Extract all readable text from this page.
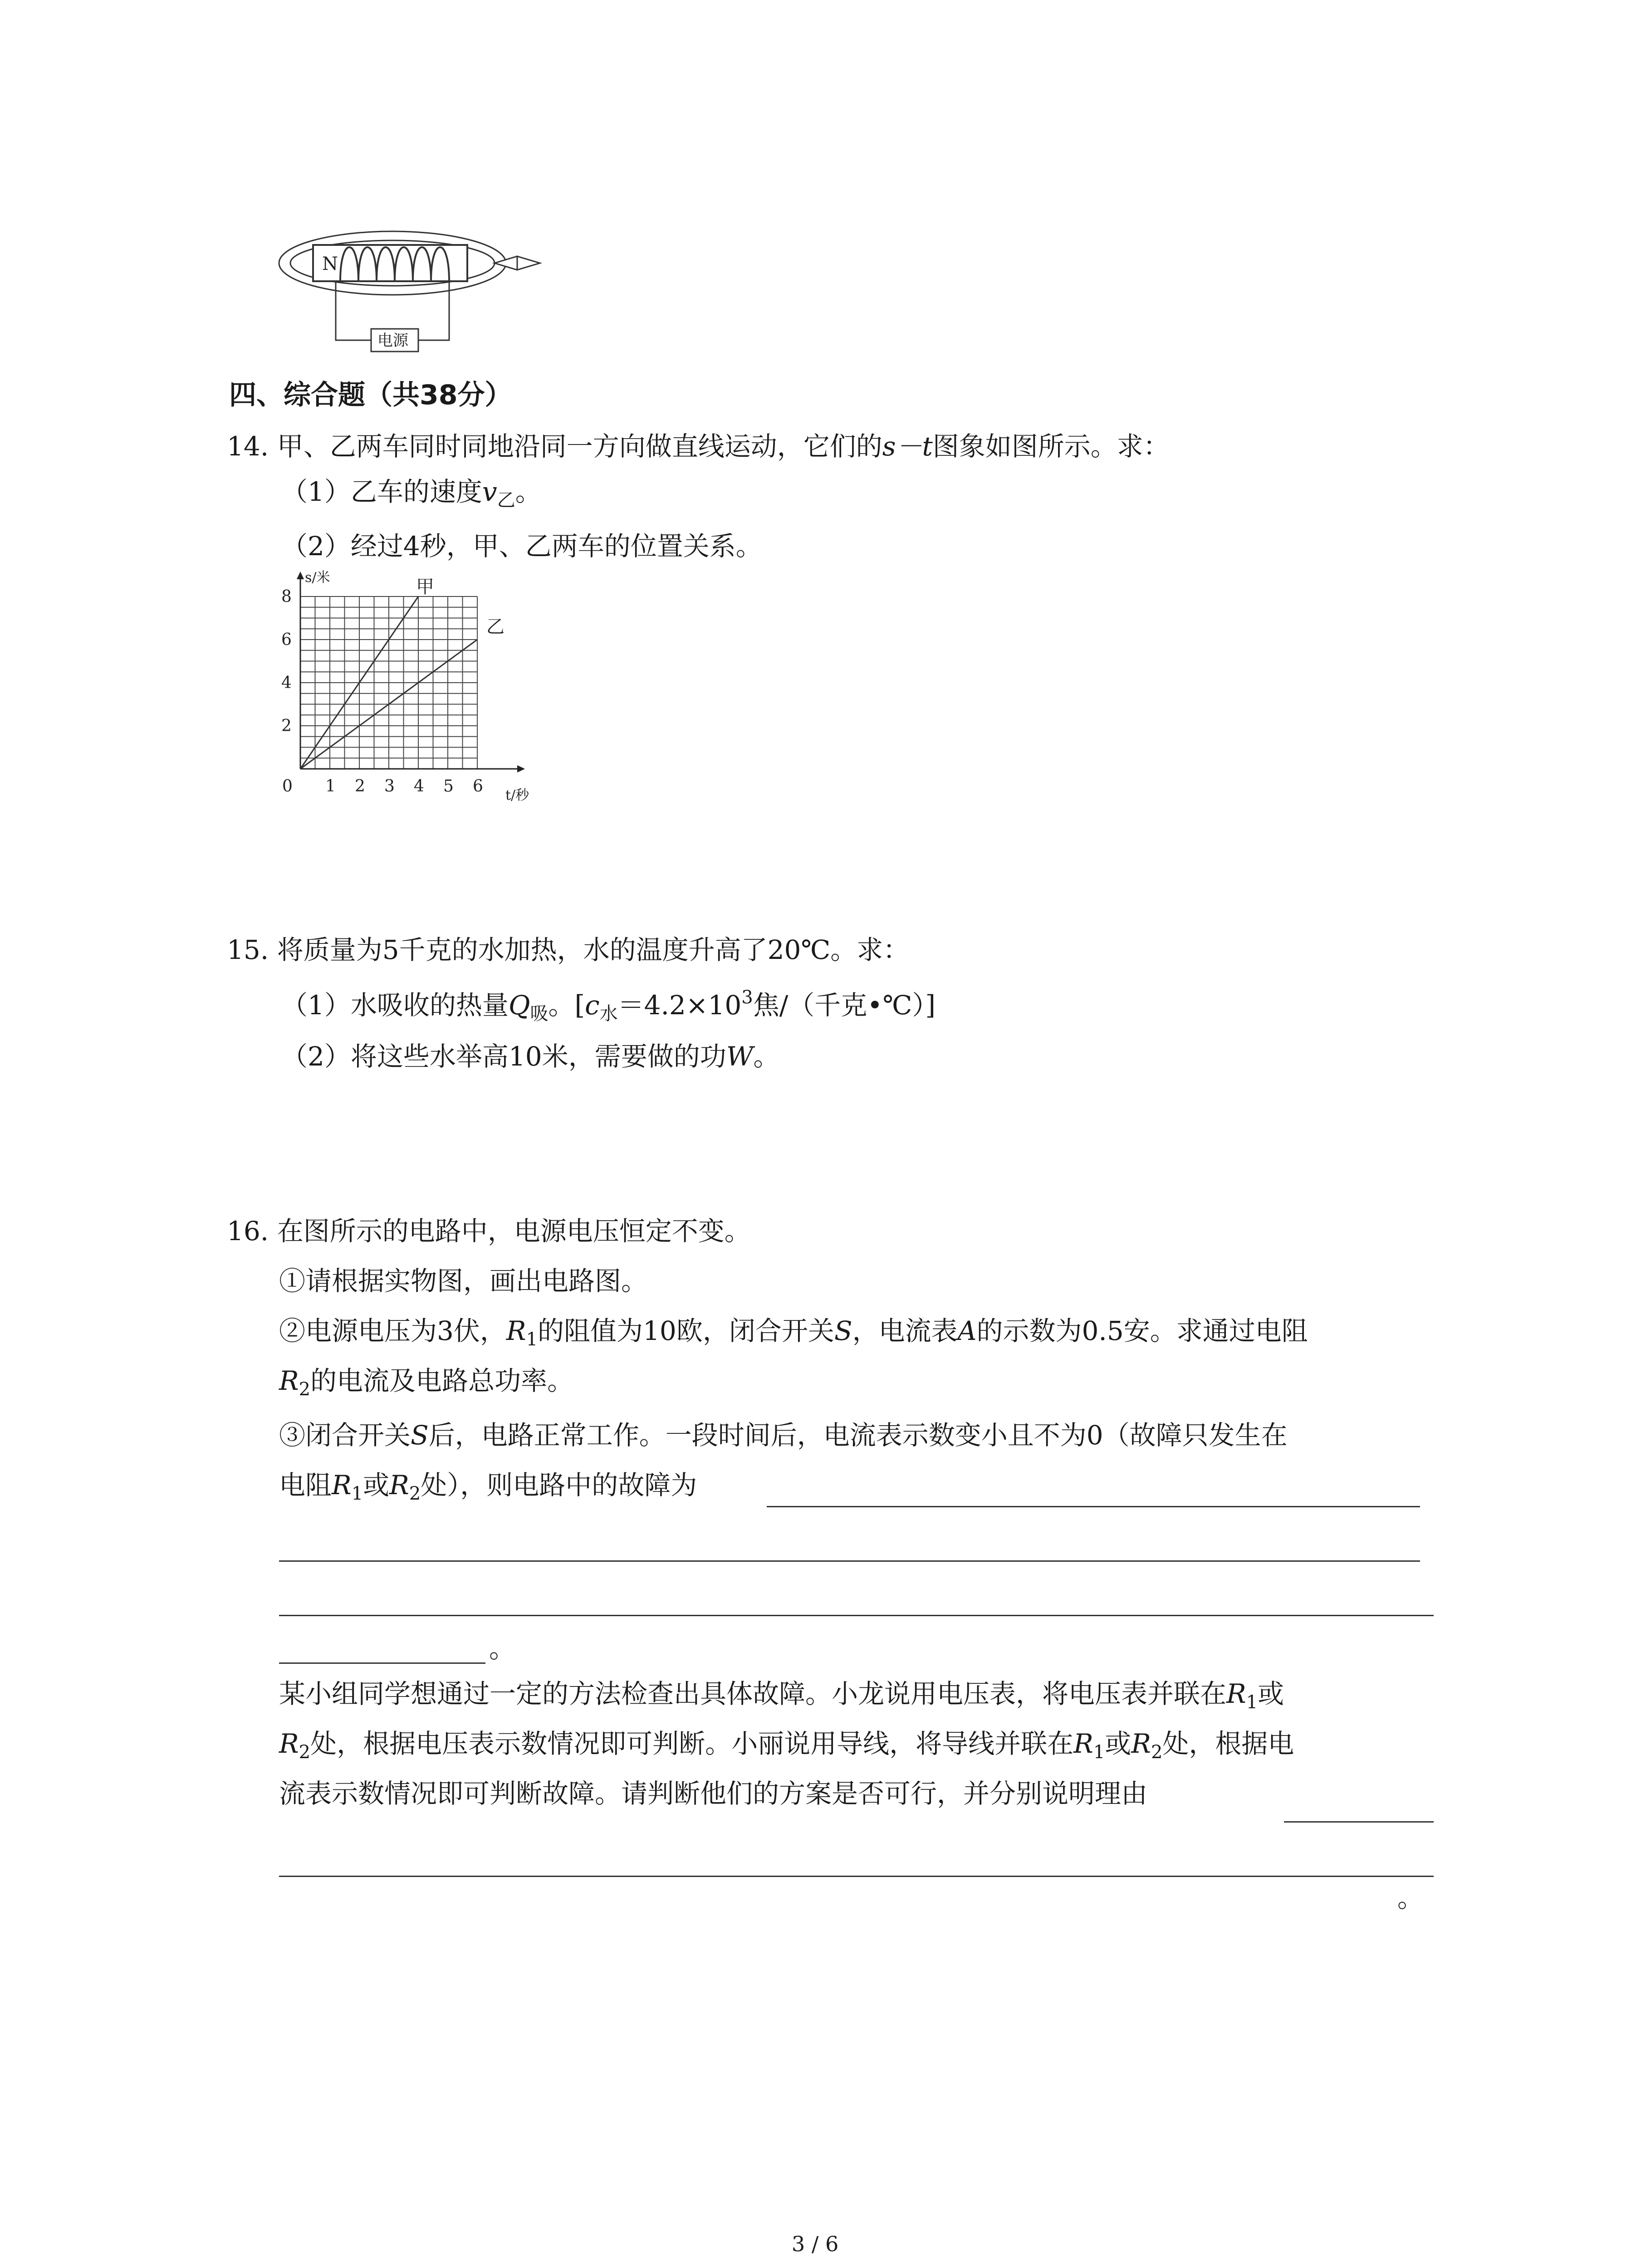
N
电源
四、综合题（共38分）
14. 甲、乙两车同时同地沿同一方向做直线运动，它们的s－t图象如图所示。求：
（1）乙车的速度$v_乙$。
（2）经过4秒，甲、乙两车的位置关系。
0 1 2 3 4 5 6
2
4
6
8
s/米
t/秒
甲
乙
15. 将质量为5千克的水加热，水的温度升高了20℃。求：
（1）水吸收的热量$Q_吸$。[$c_水=4.2\times 10^3$焦/（千克•℃）]
（2）将这些水举高10米，需要做的功W。
16. 在图所示的电路中，电源电压恒定不变。
①请根据实物图，画出电路图。
②电源电压为3伏，$R_1$的阻值为10欧，闭合开关S，电流表A的示数为0.5安。求通过电阻
$R_2$的电流及电路总功率。
③闭合开关S后，电路正常工作。一段时间后，电流表示数变小且不为0（故障只发生在
电阻$R_1$或$R_2$处），则电路中的故障为
。
某小组同学想通过一定的方法检查出具体故障。小龙说用电压表，将电压表并联在$R_1$或
$R_2$处，根据电压表示数情况即可判断。小丽说用导线，将导线并联在$R_1$或$R_2$处，根据电
流表示数情况即可判断故障。请判断他们的方案是否可行，并分别说明理由
。
3 / 6
